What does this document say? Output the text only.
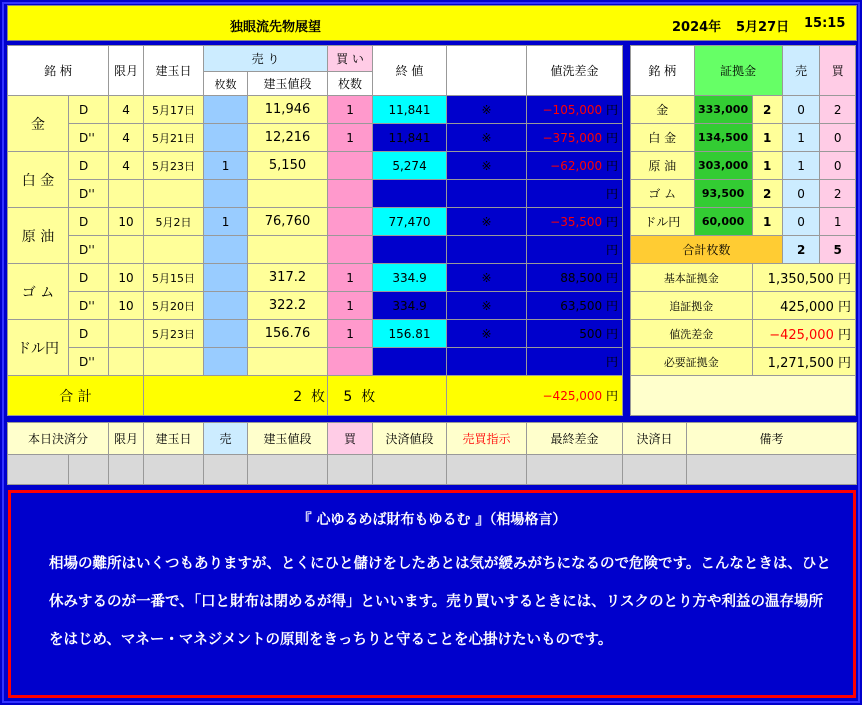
独眼流先物展望	2024年 5月27日 15:15
銘 柄		限月	建玉日	売 り		買 い	終 値	売買指示	値洗差金
				枚数	建玉値段	枚数			
金	D	4	5月17日		11,946	1	11,841	※	−105,000 円
	D''	4	5月21日		12,216	1	11,841	※	−375,000 円
白 金	D	4	5月23日	1	5,150		5,274	※	−62,000 円
	D''								円
原 油	D	10	5月2日	1	76,760		77,470	※	−35,500 円
	D''								円
ゴ ム	D	10	5月15日		317.2	1	334.9	※	88,500 円
	D''	10	5月20日		322.2	1	334.9	※	63,500 円
ドル円	D		5月23日		156.76	1	156.81	※	500 円
	D''								円
合 計			2 枚			5 枚		−425,000 円	
銘 柄	証拠金		売	買
金	333,000	2	0	2
白 金	134,500	1	1	0
原 油	303,000	1	1	0
ゴ ム	93,500	2	0	2
ドル円	60,000	1	0	1
合計枚数			2	5
基本証拠金		1,350,500 円		
追証拠金		425,000 円		
値洗差金		−425,000 円		
必要証拠金		1,271,500 円		

本日決済分		限月	建玉日	売	建玉値段	買	決済値段	売買指示	最終差金	決済日	備考

『 心ゆるめば財布もゆるむ 』（相場格言）
相場の難所はいくつもありますが、とくにひと儲けをしたあとは気が緩みがちになるので危険です。こんなときは、ひと休みするのが一番で、「口と財布は閉めるが得」といいます。売り買いするときには、リスクのとり方や利益の温存場所をはじめ、マネー・マネジメントの原則をきっちりと守ることを心掛けたいものです。
